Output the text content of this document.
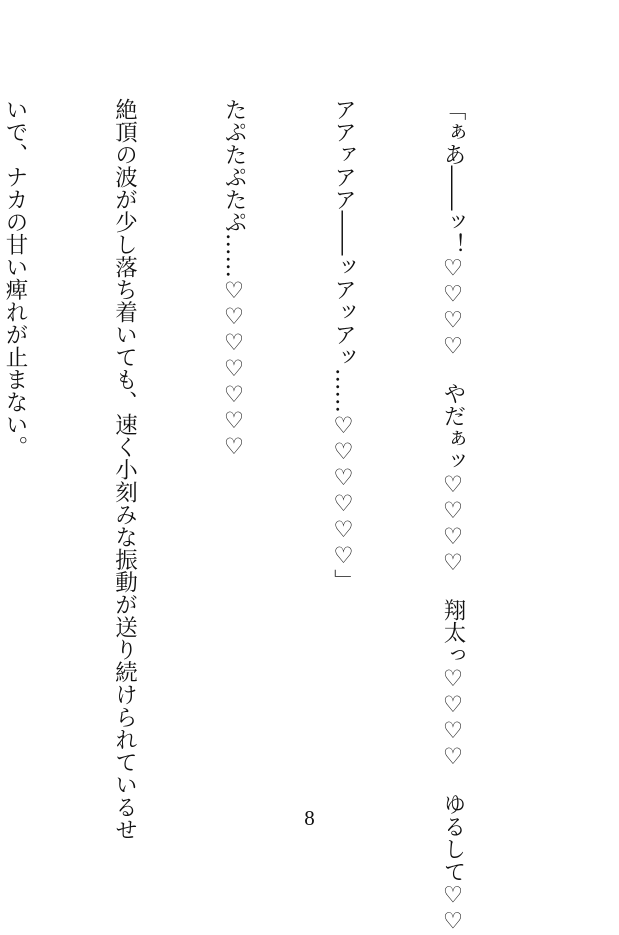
「ぁあ――ッ！♡♡♡♡　やだぁッ♡♡♡♡　翔太っ♡♡♡♡　ゆるして♡♡

アアァアア――ッアッアッ……♡♡♡♡♡♡」

たぷたぷたぷ……♡♡♡♡♡♡♡

絶頂の波が少し落ち着いても、速く小刻みな振動が送り続けられているせ

いで、ナカの甘い痺れが止まない。

8
